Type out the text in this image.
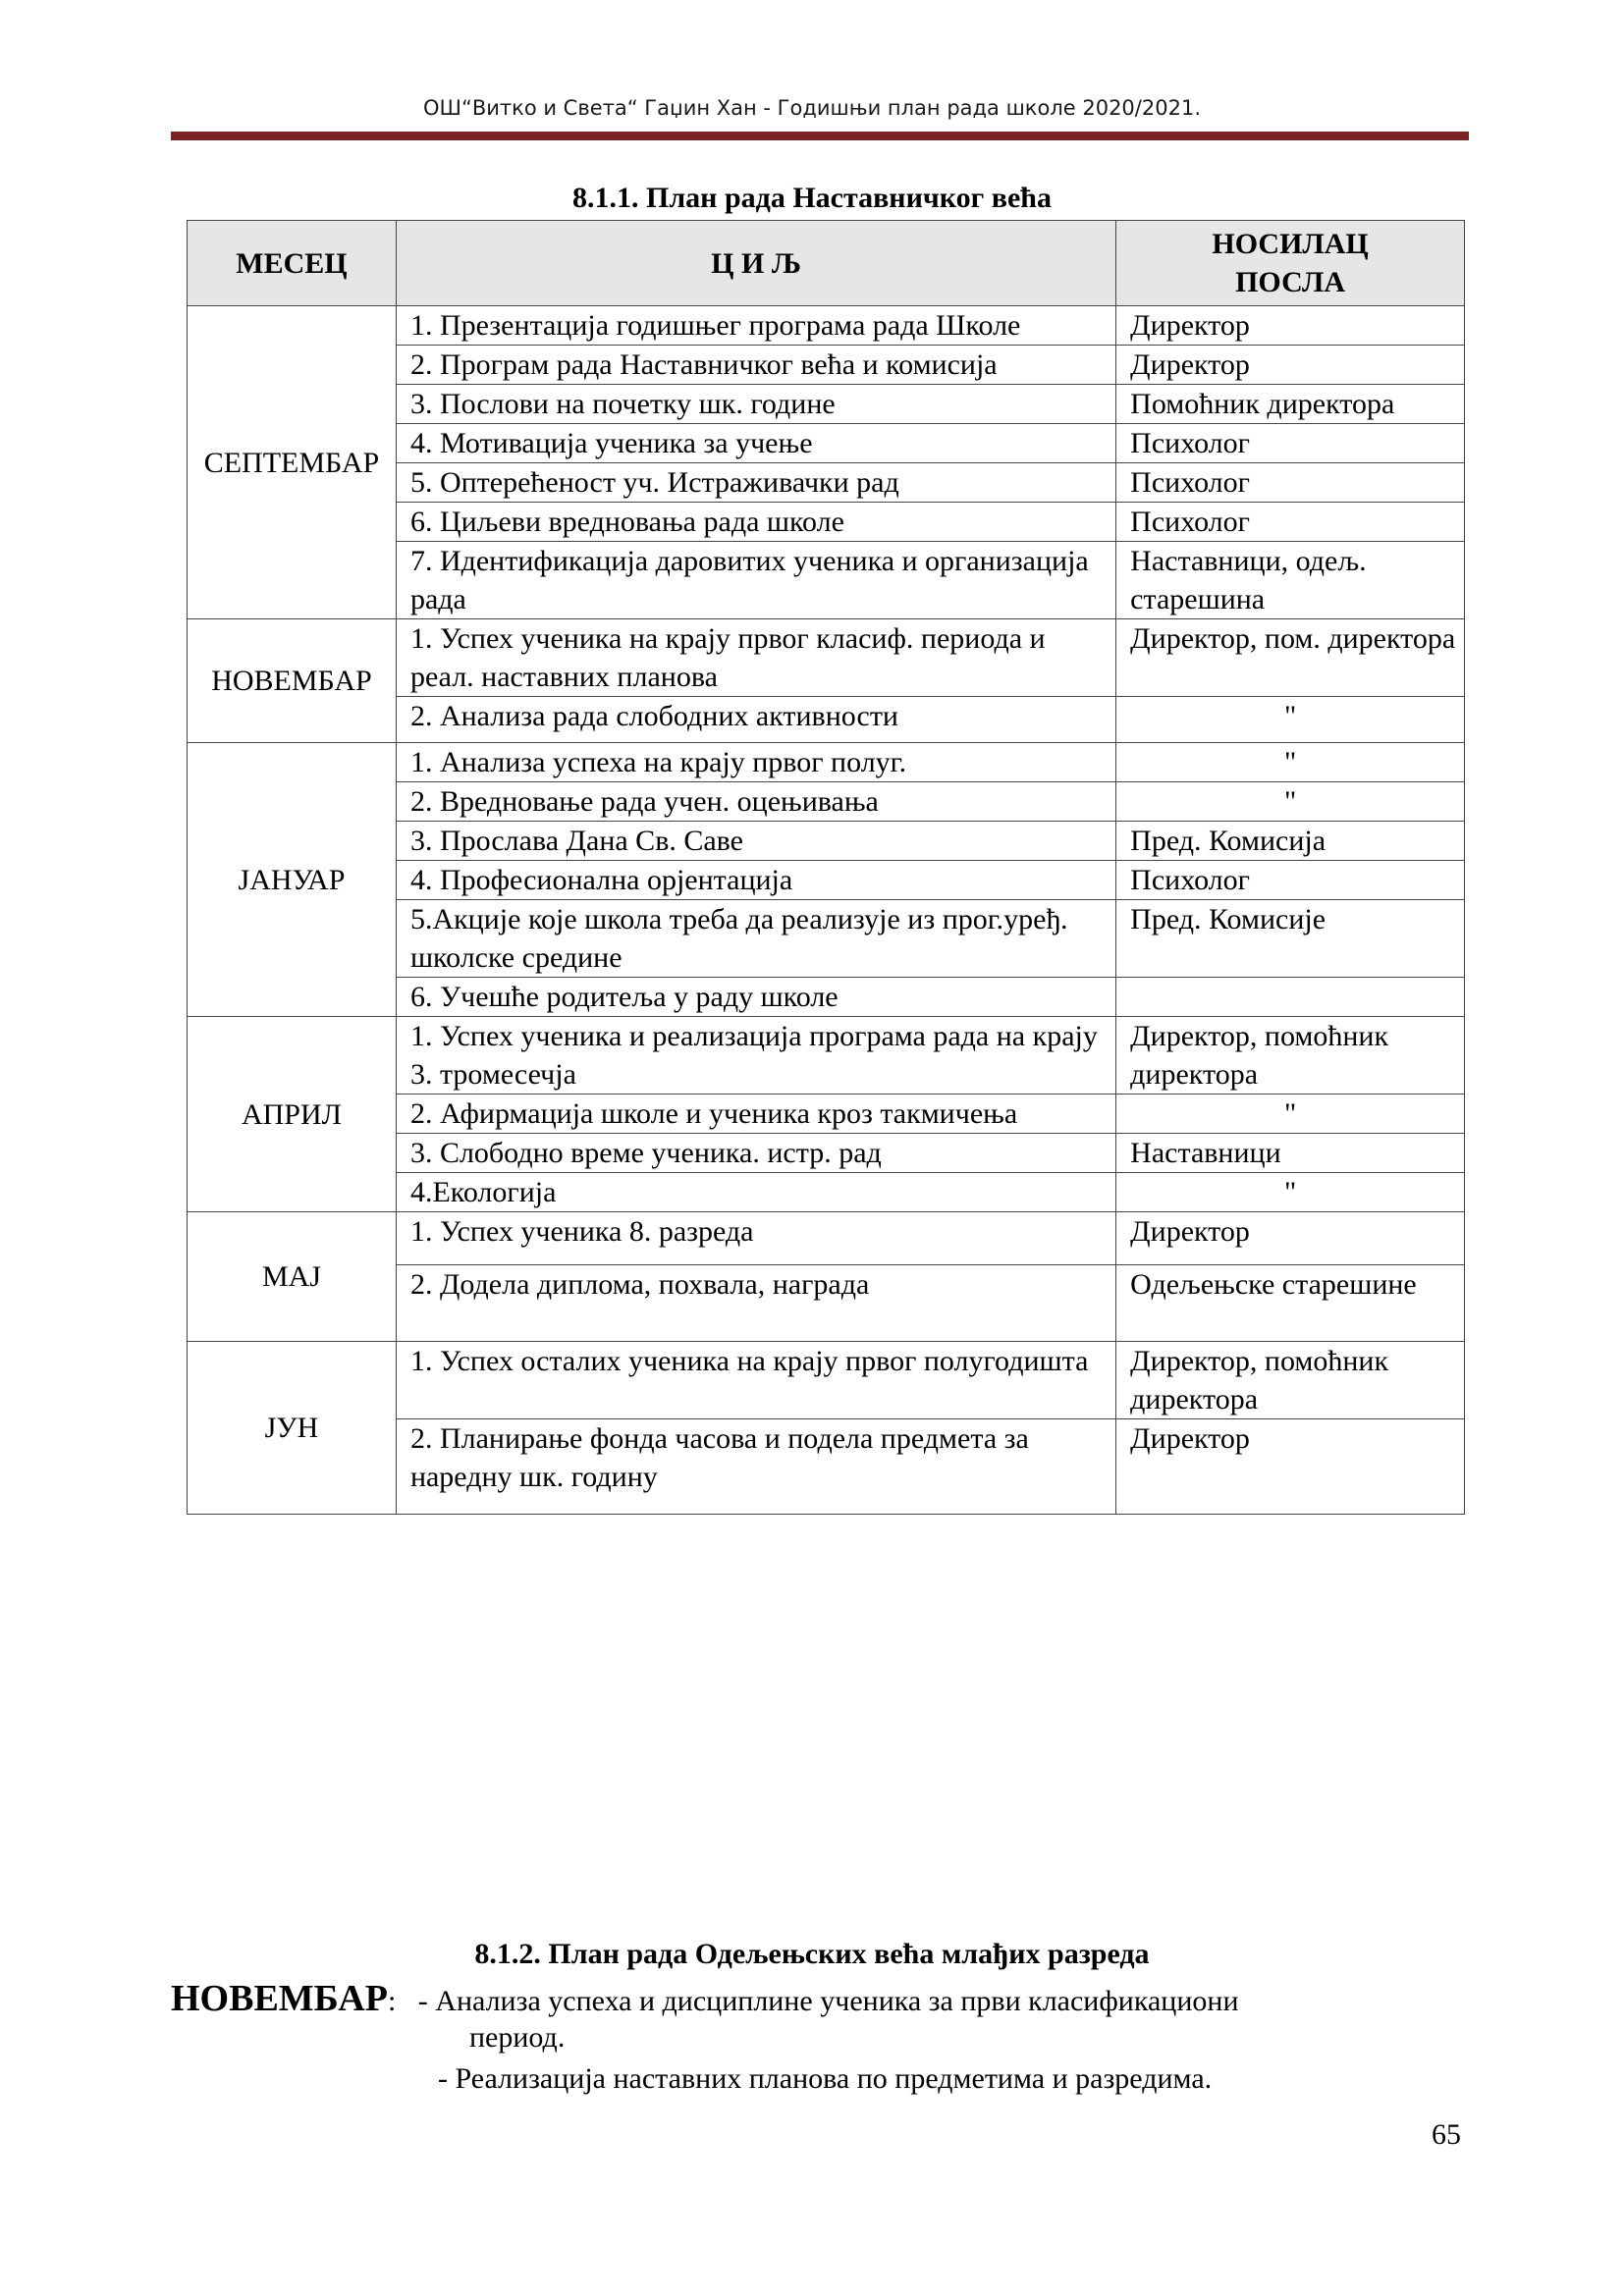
ОШ“Витко и Света“ Гаџин Хан - Годишњи план рада школе 2020/2021.
8.1.1. План рада Наставничког већа
МЕСЕЦ	Ц И Љ	НОСИЛАЦ ПОСЛА
СЕПТЕМБАР	1. Презентација годишњег програма рада Школе	Директор
	2. Програм рада Наставничког већа и комисија	Директор
	3. Послови на почетку шк. године	Помоћник директора
	4. Мотивација ученика за учење	Психолог
	5. Оптерећеност уч. Истраживачки рад	Психолог
	6. Циљеви вредновања рада школе	Психолог
	7. Идентификација даровитих ученика и организација рада	Наставници, одељ. старешина
НОВЕМБАР	1. Успех ученика на крају првог класиф. периода и реал. наставних планова	Директор, пом. директора
	2. Анализа рада слободних активности	"
ЈАНУАР	1. Анализа успеха на крају првог полуг.	"
	2. Вредновање рада учен. оцењивања	"
	3. Прослава Дана Св. Саве	Пред. Комисија
	4. Професионална орјентација	Психолог
	5.Акције које школа треба да реализује из прог.уређ. школске средине	Пред. Комисије
	6. Учешће родитеља у раду школе	
АПРИЛ	1. Успех ученика и реализација програма рада на крају 3. тромесечја	Директор, помоћник директора
	2. Афирмација школе и ученика кроз такмичења	"
	3. Слободно време ученика. истр. рад	Наставници
	4.Екологија	"
МАЈ	1. Успех ученика 8. разреда	Директор
	2. Додела диплома, похвала, награда	Одељењске старешине
ЈУН	1. Успех осталих ученика на крају првог полугодишта	Директор, помоћник директора
	2. Планирање фонда часова и подела предмета за наредну шк. годину	Директор
8.1.2. План рада Одељењских већа млађих разреда
НОВЕМБАР:   - Анализа успеха и дисциплине ученика за први класификациони
период.
- Реализација наставних планова по предметима и разредима.
65
